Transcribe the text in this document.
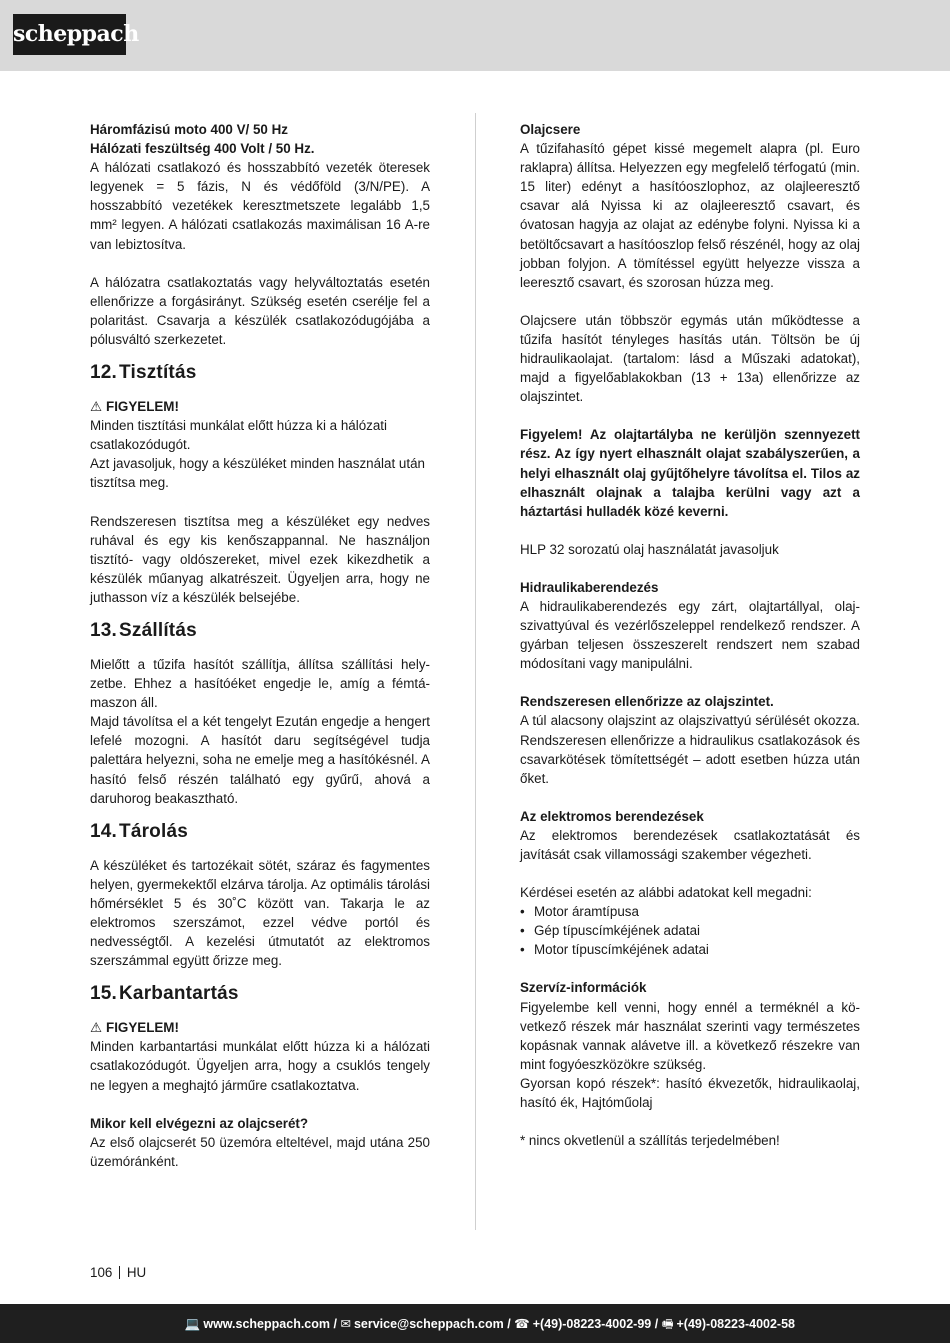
scheppach

Háromfázisú moto 400 V/ 50 Hz

Hálózati feszültség 400 Volt / 50 Hz.

A hálózati csatlakozó és hosszabbító vezeték öteresek legyenek = 5 fázis, N és védőföld (3/N/PE). A hosszabbító vezetékek keresztmetszete legalább 1,5 mm² legyen. A hálózati csatlakozás maximálisan 16 A-re van lebiztosítva.

A hálózatra csatlakoztatás vagy helyváltoztatás esetén ellenőrizze a forgásirányt. Szükség esetén cserélje fel a polaritást. Csavarja a készülék csatlakozódugójába a pólusváltó szerkezetet.

12. Tisztítás

⚠ FIGYELEM!

Minden tisztítási munkálat előtt húzza ki a hálózati csatlakozódugót.

Azt javasoljuk, hogy a készüléket minden használat után tisztítsa meg.

Rendszeresen tisztítsa meg a készüléket egy nedves ruhával és egy kis kenőszappannal. Ne használjon tisztító- vagy oldószereket, mivel ezek kikezdhetik a készülék műanyag alkatrészeit. Ügyeljen arra, hogy ne juthasson víz a készülék belsejébe.

13. Szállítás

Mielőtt a tűzifa hasítót szállítja, állítsa szállítási helyzetbe. Ehhez a hasítóéket engedje le, amíg a fémtámaszon áll.

Majd távolítsa el a két tengelyt Ezután engedje a hengert lefelé mozogni. A hasítót daru segítségével tudja palettára helyezni, soha ne emelje meg a hasítókésnél. A hasító felső részén található egy gyűrű, ahová a daruhorog beakasztható.

14. Tárolás

A készüléket és tartozékait sötét, száraz és fagymentes helyen, gyermekektől elzárva tárolja. Az optimális tárolási hőmérséklet 5 és 30˚C között van. Takarja le az elektromos szerszámot, ezzel védve portól és nedvességtől. A kezelési útmutatót az elektromos szerszámmal együtt őrizze meg.

15. Karbantartás

⚠ FIGYELEM!

Minden karbantartási munkálat előtt húzza ki a hálózati csatlakozódugót. Ügyeljen arra, hogy a csuklós tengely ne legyen a meghajtó járműre csatlakoztatva.

Mikor kell elvégezni az olajcserét?

Az első olajcserét 50 üzemóra elteltével, majd utána 250 üzemóránként.

Olajcsere

A tűzifahasító gépet kissé megemelt alapra (pl. Euro raklapra) állítsa. Helyezzen egy megfelelő térfogatú (min. 15 liter) edényt a hasítóoszlophoz, az olajleeresztő csavar alá Nyissa ki az olajleeresztő csavart, és óvatosan hagyja az olajat az edénybe folyni. Nyissa ki a betöltőcsavart a hasítóoszlop felső részénél, hogy az olaj jobban folyjon. A tömítéssel együtt helyezze vissza a leeresztő csavart, és szorosan húzza meg.

Olajcsere után többször egymás után működtesse a tűzifa hasítót tényleges hasítás után. Töltsön be új hidraulikaolajat. (tartalom: lásd a Műszaki adatokat), majd a figyelőablakokban (13 + 13a) ellenőrizze az olajszintet.

Figyelem! Az olajtartályba ne kerüljön szennyezett rész. Az így nyert elhasznált olajat szabályszerűen, a helyi elhasznált olaj gyűjtőhelyre távolítsa el. Tilos az elhasznált olajnak a talajba kerülni vagy azt a háztartási hulladék közé keverni.

HLP 32 sorozatú olaj használatát javasoljuk

Hidraulikaberendezés

A hidraulikaberendezés egy zárt, olajtartállyal, olajszivattyúval és vezérlőszeleppel rendelkező rendszer. A gyárban teljesen összeszerelt rendszert nem szabad módosítani vagy manipulálni.

Rendszeresen ellenőrizze az olajszintet.

A túl alacsony olajszint az olajszivattyú sérülését okozza. Rendszeresen ellenőrizze a hidraulikus csatlakozások és csavarkötések tömítettségét – adott esetben húzza után őket.

Az elektromos berendezések

Az elektromos berendezések csatlakoztatását és javítását csak villamossági szakember végezheti.

Kérdései esetén az alábbi adatokat kell megadni:

• Motor áramtípusa
• Gép típuscímkéjének adatai
• Motor típuscímkéjének adatai

Szervíz-információk

Figyelembe kell venni, hogy ennél a terméknél a következő részek már használat szerinti vagy természetes kopásnak vannak alávetve ill. a következő részekre van mint fogyóeszközökre szükség.

Gyorsan kopó részek*: hasító ékvezetők, hidraulikaolaj, hasító ék, Hajtóműolaj

* nincs okvetlenül a szállítás terjedelmében!

106 HU
💻 www.scheppach.com / ✉ service@scheppach.com / ☎ +(49)-08223-4002-99 / 🖷 +(49)-08223-4002-58
